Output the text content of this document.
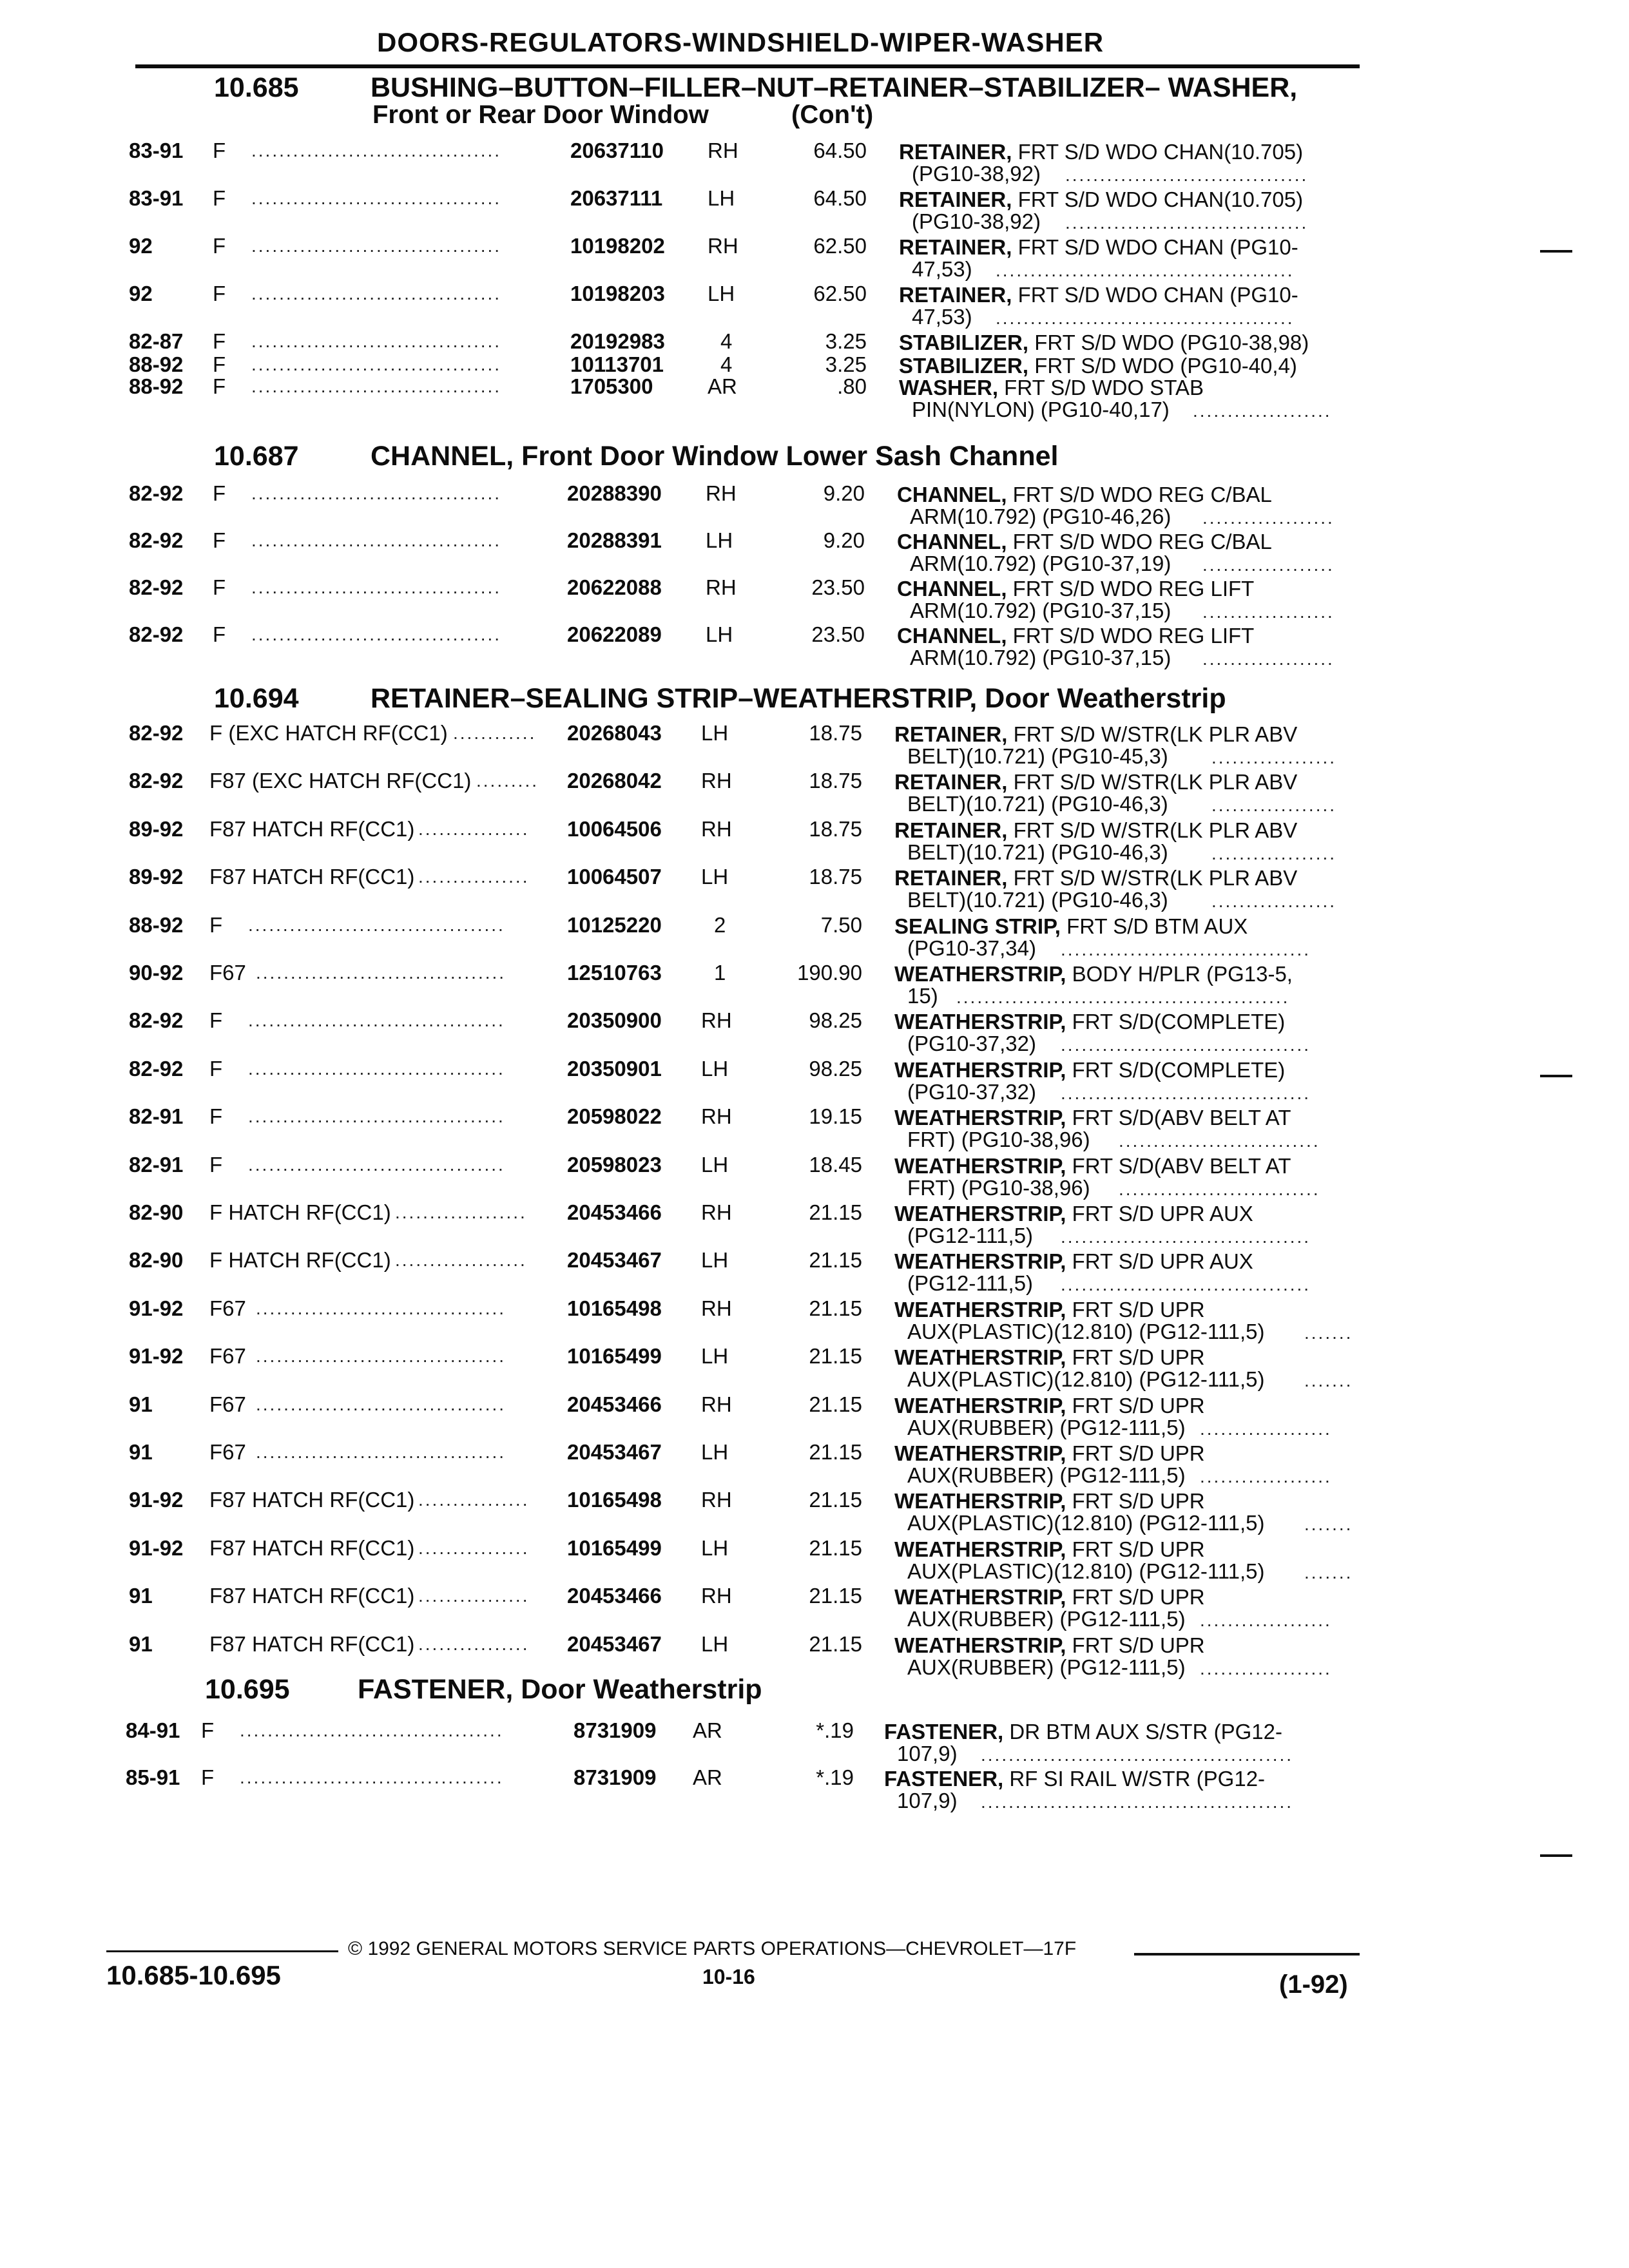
DOORS-REGULATORS-WINDSHIELD-WIPER-WASHER
10.685	BUSHING–BUTTON–FILLER–NUT–RETAINER–STABILIZER– WASHER,
Front or Rear Door Window	(Con't)
83-91 F ....................................	20637110 RH	64.50 RETAINER, FRT S/D WDO CHAN(10.705)
(PG10-38,92) ...................................
83-91 F ....................................	20637111 LH	64.50 RETAINER, FRT S/D WDO CHAN(10.705)
(PG10-38,92) ...................................
92	F ....................................	10198202 RH	62.50 RETAINER, FRT S/D WDO CHAN (PG10-
47,53) ...........................................
92	F ....................................	10198203 LH	62.50 RETAINER, FRT S/D WDO CHAN (PG10-
47,53) ...........................................
82-87 F ....................................	20192983	4	3.25 STABILIZER, FRT S/D WDO (PG10-38,98)
88-92 F ....................................	10113701	4	3.25 STABILIZER, FRT S/D WDO (PG10-40,4)
88-92 F ....................................	1705300	AR	.80 WASHER, FRT S/D WDO STAB
PIN(NYLON) (PG10-40,17) ....................
10.687	CHANNEL, Front Door Window Lower Sash Channel
82-92 F ....................................	20288390 RH	9.20 CHANNEL, FRT S/D WDO REG C/BAL
ARM(10.792) (PG10-46,26) ...................
82-92 F ....................................	20288391 LH	9.20 CHANNEL, FRT S/D WDO REG C/BAL
ARM(10.792) (PG10-37,19) ...................
82-92 F ....................................	20622088 RH	23.50 CHANNEL, FRT S/D WDO REG LIFT
ARM(10.792) (PG10-37,15) ...................
82-92 F ....................................	20622089 LH	23.50 CHANNEL, FRT S/D WDO REG LIFT
ARM(10.792) (PG10-37,15) ...................
10.694	RETAINER–SEALING STRIP–WEATHERSTRIP, Door Weatherstrip
82-92 F (EXC HATCH RF(CC1) ............	20268043 LH	18.75 RETAINER, FRT S/D W/STR(LK PLR ABV
BELT)(10.721) (PG10-45,3) ..................
82-92 F87 (EXC HATCH RF(CC1) .........	20268042 RH	18.75 RETAINER, FRT S/D W/STR(LK PLR ABV
BELT)(10.721) (PG10-46,3) ..................
89-92 F87 HATCH RF(CC1) ................	10064506 RH	18.75 RETAINER, FRT S/D W/STR(LK PLR ABV
BELT)(10.721) (PG10-46,3) ..................
89-92 F87 HATCH RF(CC1) ................	10064507 LH	18.75 RETAINER, FRT S/D W/STR(LK PLR ABV
BELT)(10.721) (PG10-46,3) ..................
88-92 F .....................................	10125220 2	7.50 SEALING STRIP, FRT S/D BTM AUX
(PG10-37,34) ....................................
90-92 F67 ....................................	12510763 1	190.90 WEATHERSTRIP, BODY H/PLR (PG13-5,
15) ................................................
82-92 F .....................................	20350900 RH	98.25 WEATHERSTRIP, FRT S/D(COMPLETE)
(PG10-37,32) ....................................
82-92 F .....................................	20350901 LH	98.25 WEATHERSTRIP, FRT S/D(COMPLETE)
(PG10-37,32) ....................................
82-91 F .....................................	20598022 RH	19.15 WEATHERSTRIP, FRT S/D(ABV BELT AT
FRT) (PG10-38,96) .............................
82-91 F .....................................	20598023 LH	18.45 WEATHERSTRIP, FRT S/D(ABV BELT AT
FRT) (PG10-38,96) .............................
82-90 F HATCH RF(CC1) ...................	20453466 RH	21.15 WEATHERSTRIP, FRT S/D UPR AUX
(PG12-111,5) ....................................
82-90 F HATCH RF(CC1) ...................	20453467 LH	21.15 WEATHERSTRIP, FRT S/D UPR AUX
(PG12-111,5) ....................................
91-92 F67 ....................................	10165498 RH	21.15 WEATHERSTRIP, FRT S/D UPR
AUX(PLASTIC)(12.810) (PG12-111,5) .......
91-92 F67 ....................................	10165499 LH	21.15 WEATHERSTRIP, FRT S/D UPR
AUX(PLASTIC)(12.810) (PG12-111,5) .......
91	F67 ....................................	20453466 RH	21.15 WEATHERSTRIP, FRT S/D UPR
AUX(RUBBER) (PG12-111,5) ...................
91	F67 ....................................	20453467 LH	21.15 WEATHERSTRIP, FRT S/D UPR
AUX(RUBBER) (PG12-111,5) ...................
91-92 F87 HATCH RF(CC1) ................	10165498 RH	21.15 WEATHERSTRIP, FRT S/D UPR
AUX(PLASTIC)(12.810) (PG12-111,5) .......
91-92 F87 HATCH RF(CC1) ................	10165499 LH	21.15 WEATHERSTRIP, FRT S/D UPR
AUX(PLASTIC)(12.810) (PG12-111,5) .......
91	F87 HATCH RF(CC1) ................	20453466 RH	21.15 WEATHERSTRIP, FRT S/D UPR
AUX(RUBBER) (PG12-111,5) ...................
91	F87 HATCH RF(CC1) ................	20453467 LH	21.15 WEATHERSTRIP, FRT S/D UPR
AUX(RUBBER) (PG12-111,5) ...................
10.695 FASTENER, Door Weatherstrip
84-91 F ......................................	8731909 AR	*.19 FASTENER, DR BTM AUX S/STR (PG12-
107,9) .............................................
85-91 F ......................................	8731909 AR	*.19 FASTENER, RF SI RAIL W/STR (PG12-
107,9) .............................................
© 1992 GENERAL MOTORS SERVICE PARTS OPERATIONS—CHEVROLET—17F
10.685-10.695	10-16	(1-92)
